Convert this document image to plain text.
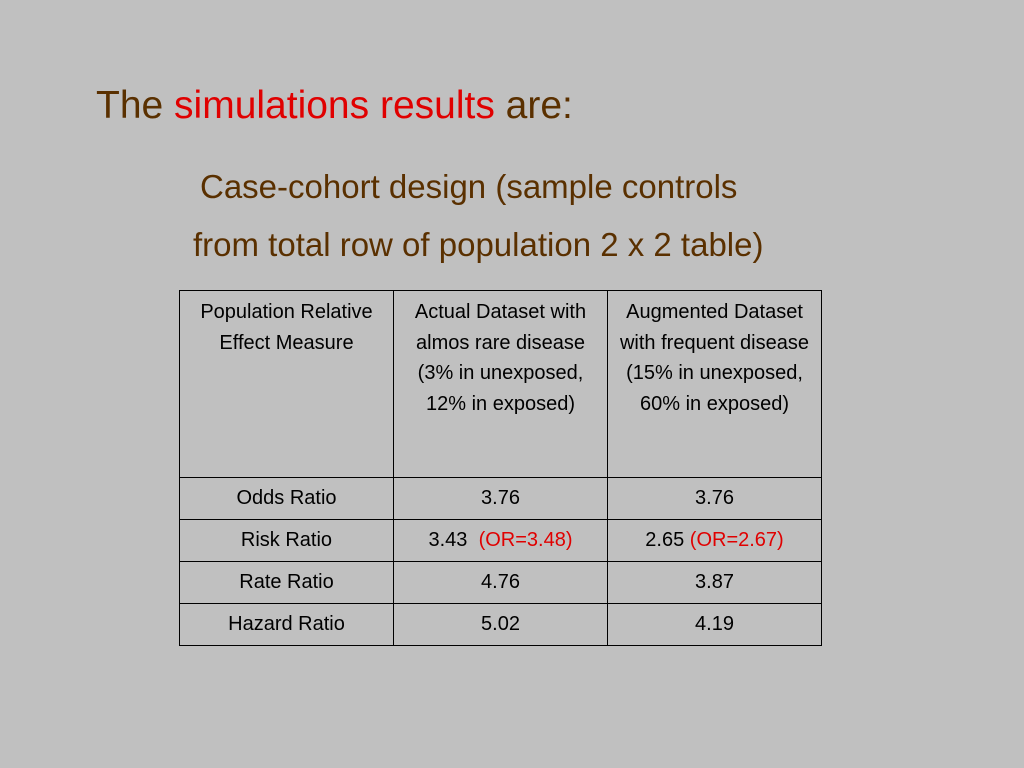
The simulations results are:
Case-cohort design (sample controls
from total row of population 2 x 2 table)
Population Relative Effect Measure	Actual Dataset with almos rare disease (3% in unexposed, 12% in exposed)	Augmented Dataset with frequent disease (15% in unexposed, 60% in exposed)
Odds Ratio	3.76	3.76
Risk Ratio	3.43 (OR=3.48)	2.65 (OR=2.67)
Rate Ratio	4.76	3.87
Hazard Ratio	5.02	4.19
